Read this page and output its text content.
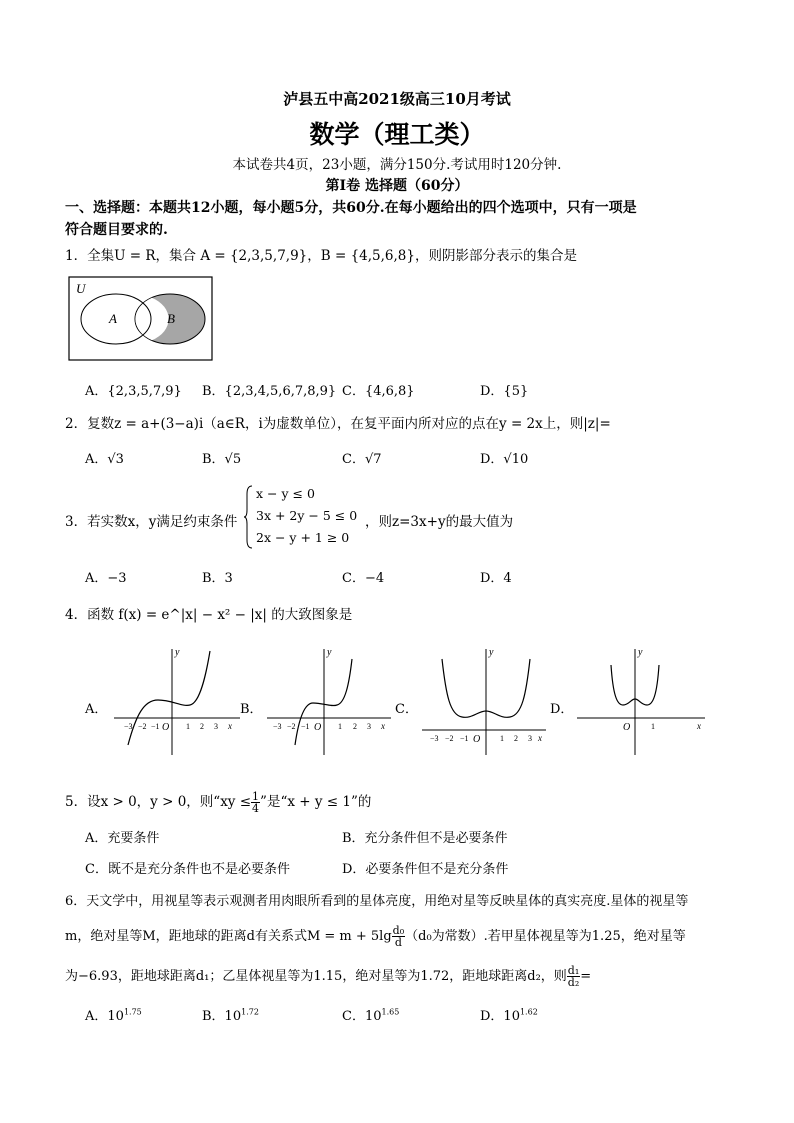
泸县五中高2021级高三10月考试
数学（理工类）
本试卷共4页，23小题，满分150分.考试用时120分钟.
第Ⅰ卷 选择题（60分）
一、选择题：本题共12小题，每小题5分，共60分.在每小题给出的四个选项中，只有一项是
符合题目要求的.
1．全集U = R，集合 A = {2,3,5,7,9}，B = {4,5,6,8}，则阴影部分表示的集合是
U
A	B
A．{2,3,5,7,9} B．{2,3,4,5,6,7,8,9} C．{4,6,8}	D．{5}
2．复数z = a+(3−a)i（a∈R，i为虚数单位），在复平面内所对应的点在y = 2x上，则|z|=
A．√3	B．√5	C．√7	D．√10
3．若实数x，y满足约束条件
x − y ≤ 0
3x + 2y − 5 ≤ 0
2x − y + 1 ≥ 0
，则z=3x+y的最大值为
A．−3	B．3	C．−4	D．4
4．函数 f(x) = e^|x| − x² − |x| 的大致图象是
A．	B．	C．	D．
y
x
O
−3 −2 −1	1 2 3
y
x
O
−3 −2 −1	1 2 3
y
x
O
−3 −2 −1	1 2 3
y
x
O	1
5．设x > 0，y > 0，则“xy ≤ $\frac{1}{4}$ ”是“x + y ≤ 1”的
A．充要条件	B．充分条件但不是必要条件
C．既不是充分条件也不是必要条件	D．必要条件但不是充分条件
6．天文学中，用视星等表示观测者用肉眼所看到的星体亮度，用绝对星等反映星体的真实亮度.星体的视星等
m，绝对星等M，距地球的距离d有关系式$M = m + 5\lg \frac{\text{d₀}}{d} (d_0$为常数）.若甲星体视星等为1.25，绝对星等
为−6.93，距地球距离d₁；乙星体视星等为1.15，绝对星等为1.72，距地球距离d₂，则 $\frac{\text{d₁}}{\text{d₂}}$ =
A．$10^{1.75}$	B．$10^{1.72}$	C．$10^{1.65}$	D．$10^{1.62}$
